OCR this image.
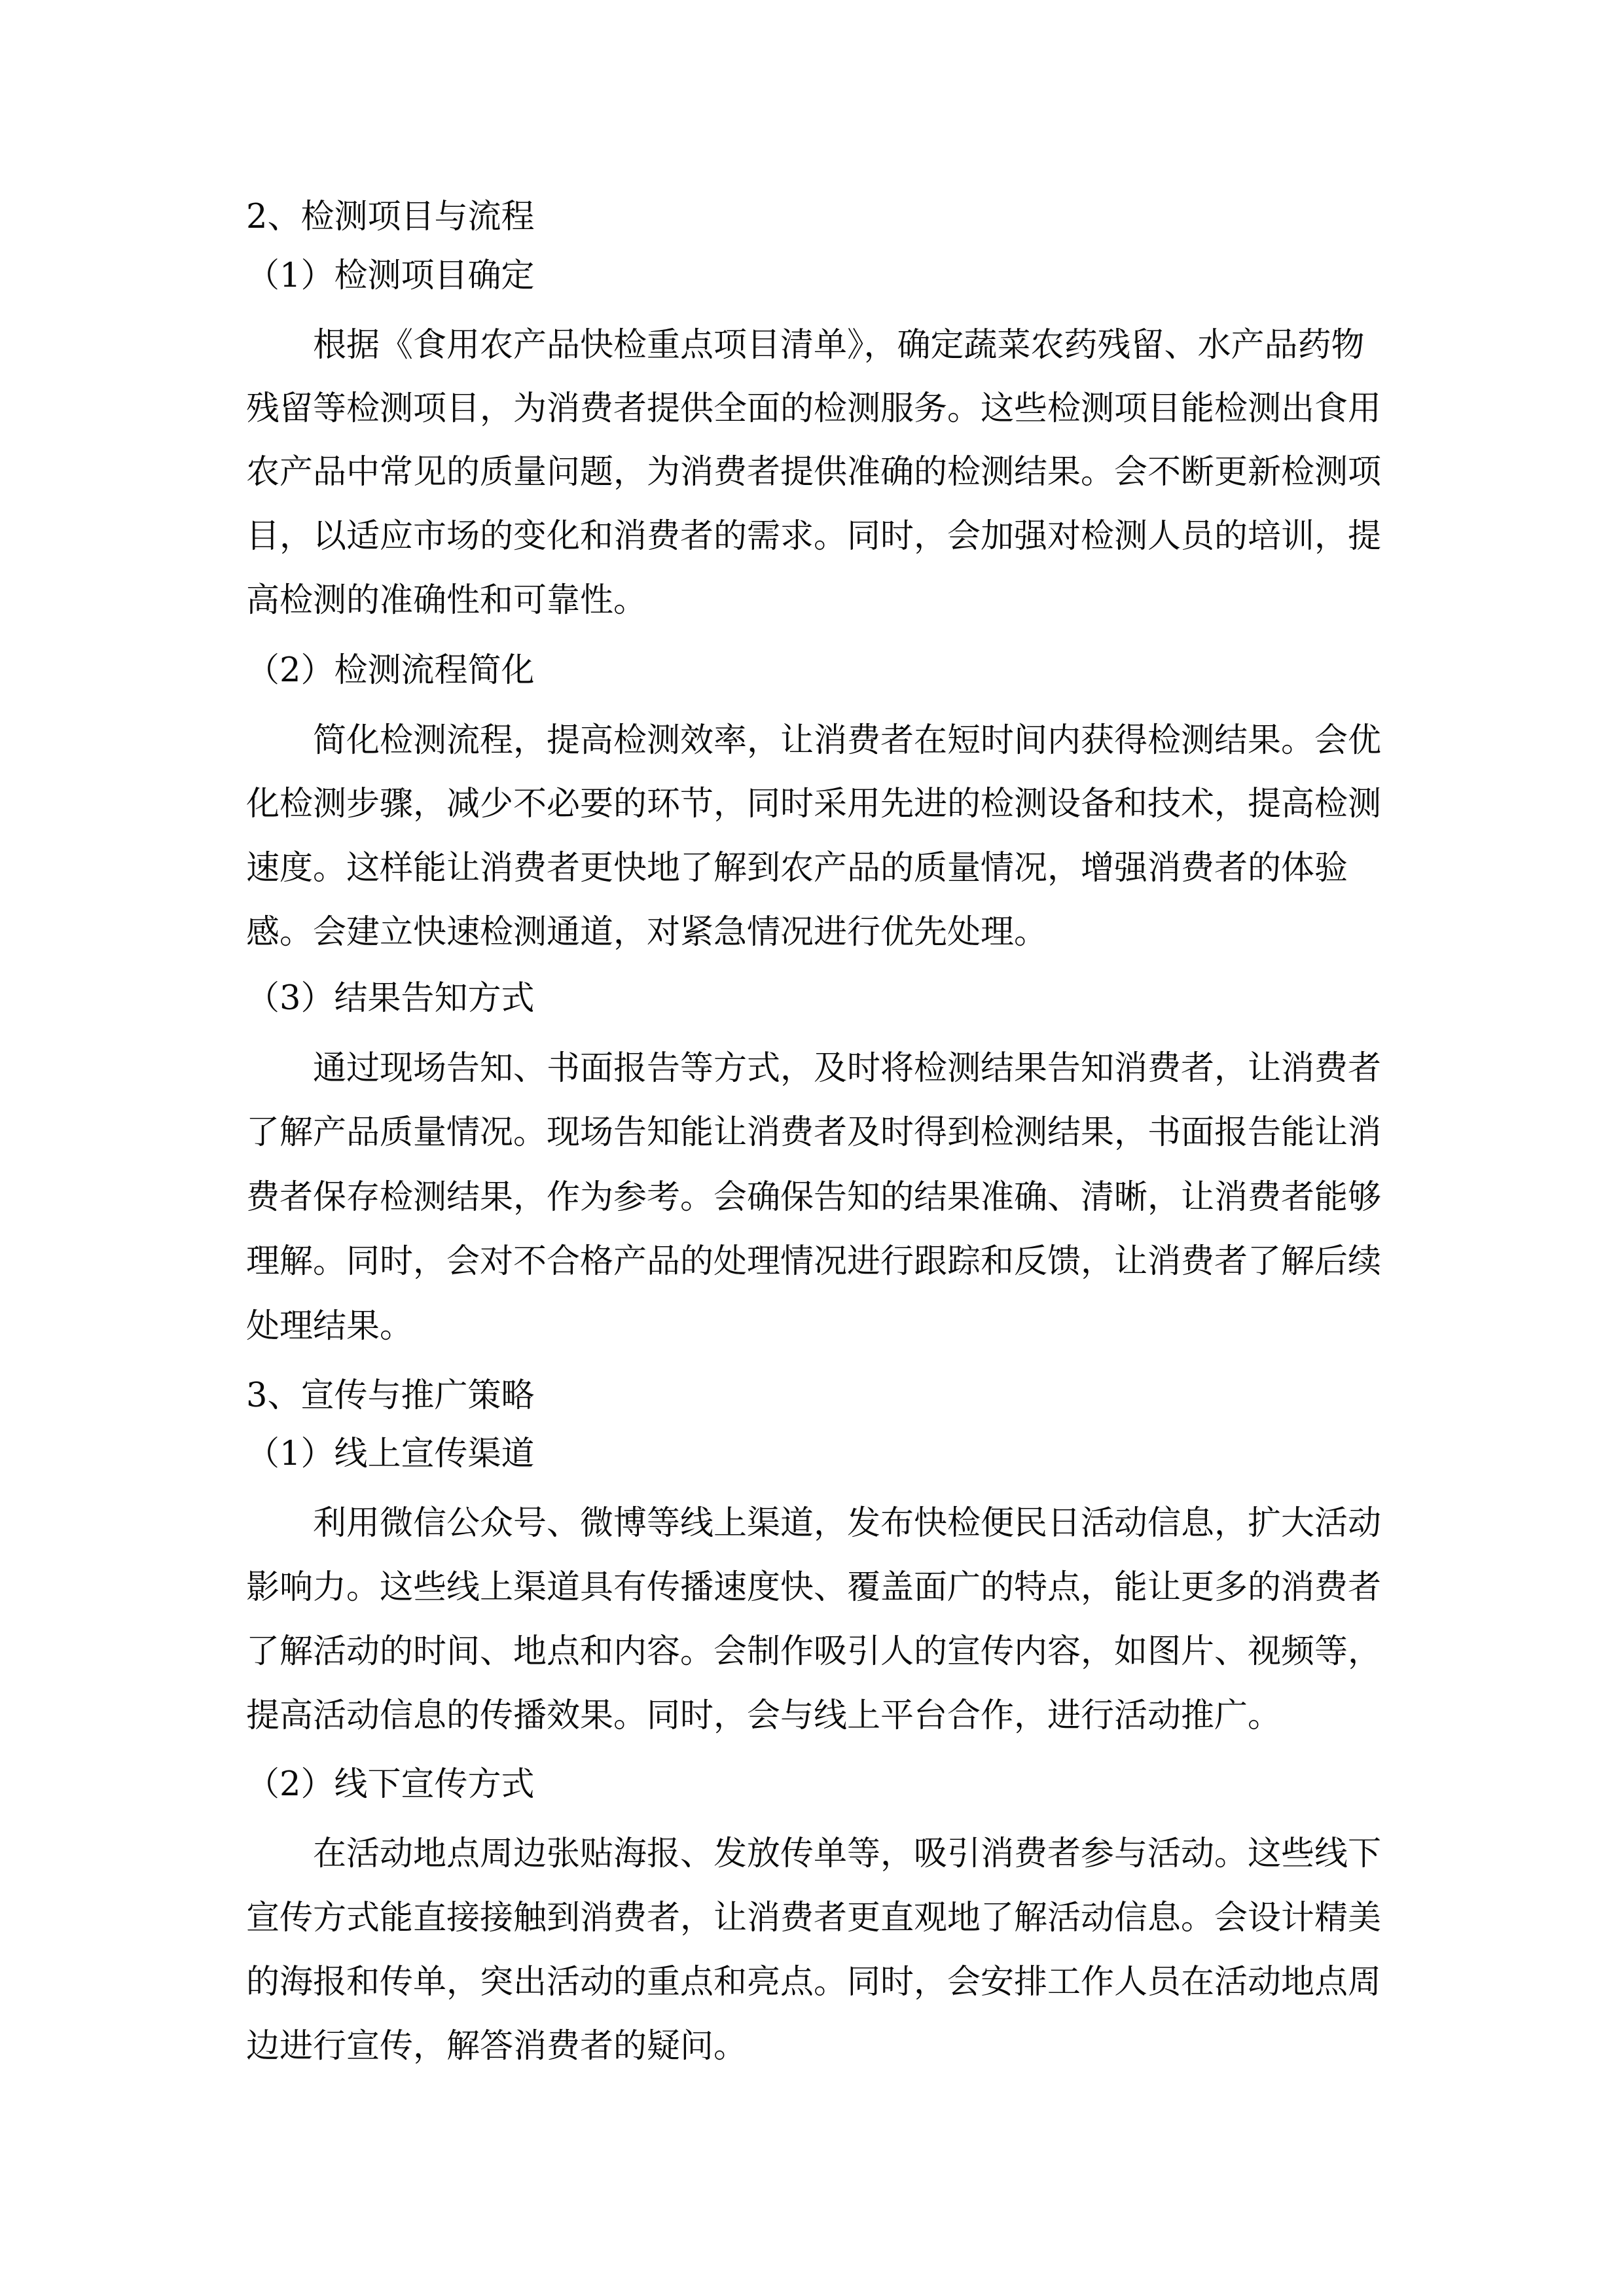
2、检测项目与流程
（1）检测项目确定

根据《食用农产品快检重点项目清单》，确定蔬菜农药残留、水产品药物

残留等检测项目，为消费者提供全面的检测服务。这些检测项目能检测出食用

农产品中常见的质量问题，为消费者提供准确的检测结果。会不断更新检测项

目，以适应市场的变化和消费者的需求。同时，会加强对检测人员的培训，提

高检测的准确性和可靠性。

（2）检测流程简化

简化检测流程，提高检测效率，让消费者在短时间内获得检测结果。会优

化检测步骤，减少不必要的环节，同时采用先进的检测设备和技术，提高检测

速度。这样能让消费者更快地了解到农产品的质量情况，增强消费者的体验

感。会建立快速检测通道，对紧急情况进行优先处理。

（3）结果告知方式

通过现场告知、书面报告等方式，及时将检测结果告知消费者，让消费者

了解产品质量情况。现场告知能让消费者及时得到检测结果，书面报告能让消

费者保存检测结果，作为参考。会确保告知的结果准确、清晰，让消费者能够

理解。同时，会对不合格产品的处理情况进行跟踪和反馈，让消费者了解后续

处理结果。

3、宣传与推广策略
（1）线上宣传渠道

利用微信公众号、微博等线上渠道，发布快检便民日活动信息，扩大活动

影响力。这些线上渠道具有传播速度快、覆盖面广的特点，能让更多的消费者

了解活动的时间、地点和内容。会制作吸引人的宣传内容，如图片、视频等，

提高活动信息的传播效果。同时，会与线上平台合作，进行活动推广。

（2）线下宣传方式

在活动地点周边张贴海报、发放传单等，吸引消费者参与活动。这些线下

宣传方式能直接接触到消费者，让消费者更直观地了解活动信息。会设计精美

的海报和传单，突出活动的重点和亮点。同时，会安排工作人员在活动地点周

边进行宣传，解答消费者的疑问。
